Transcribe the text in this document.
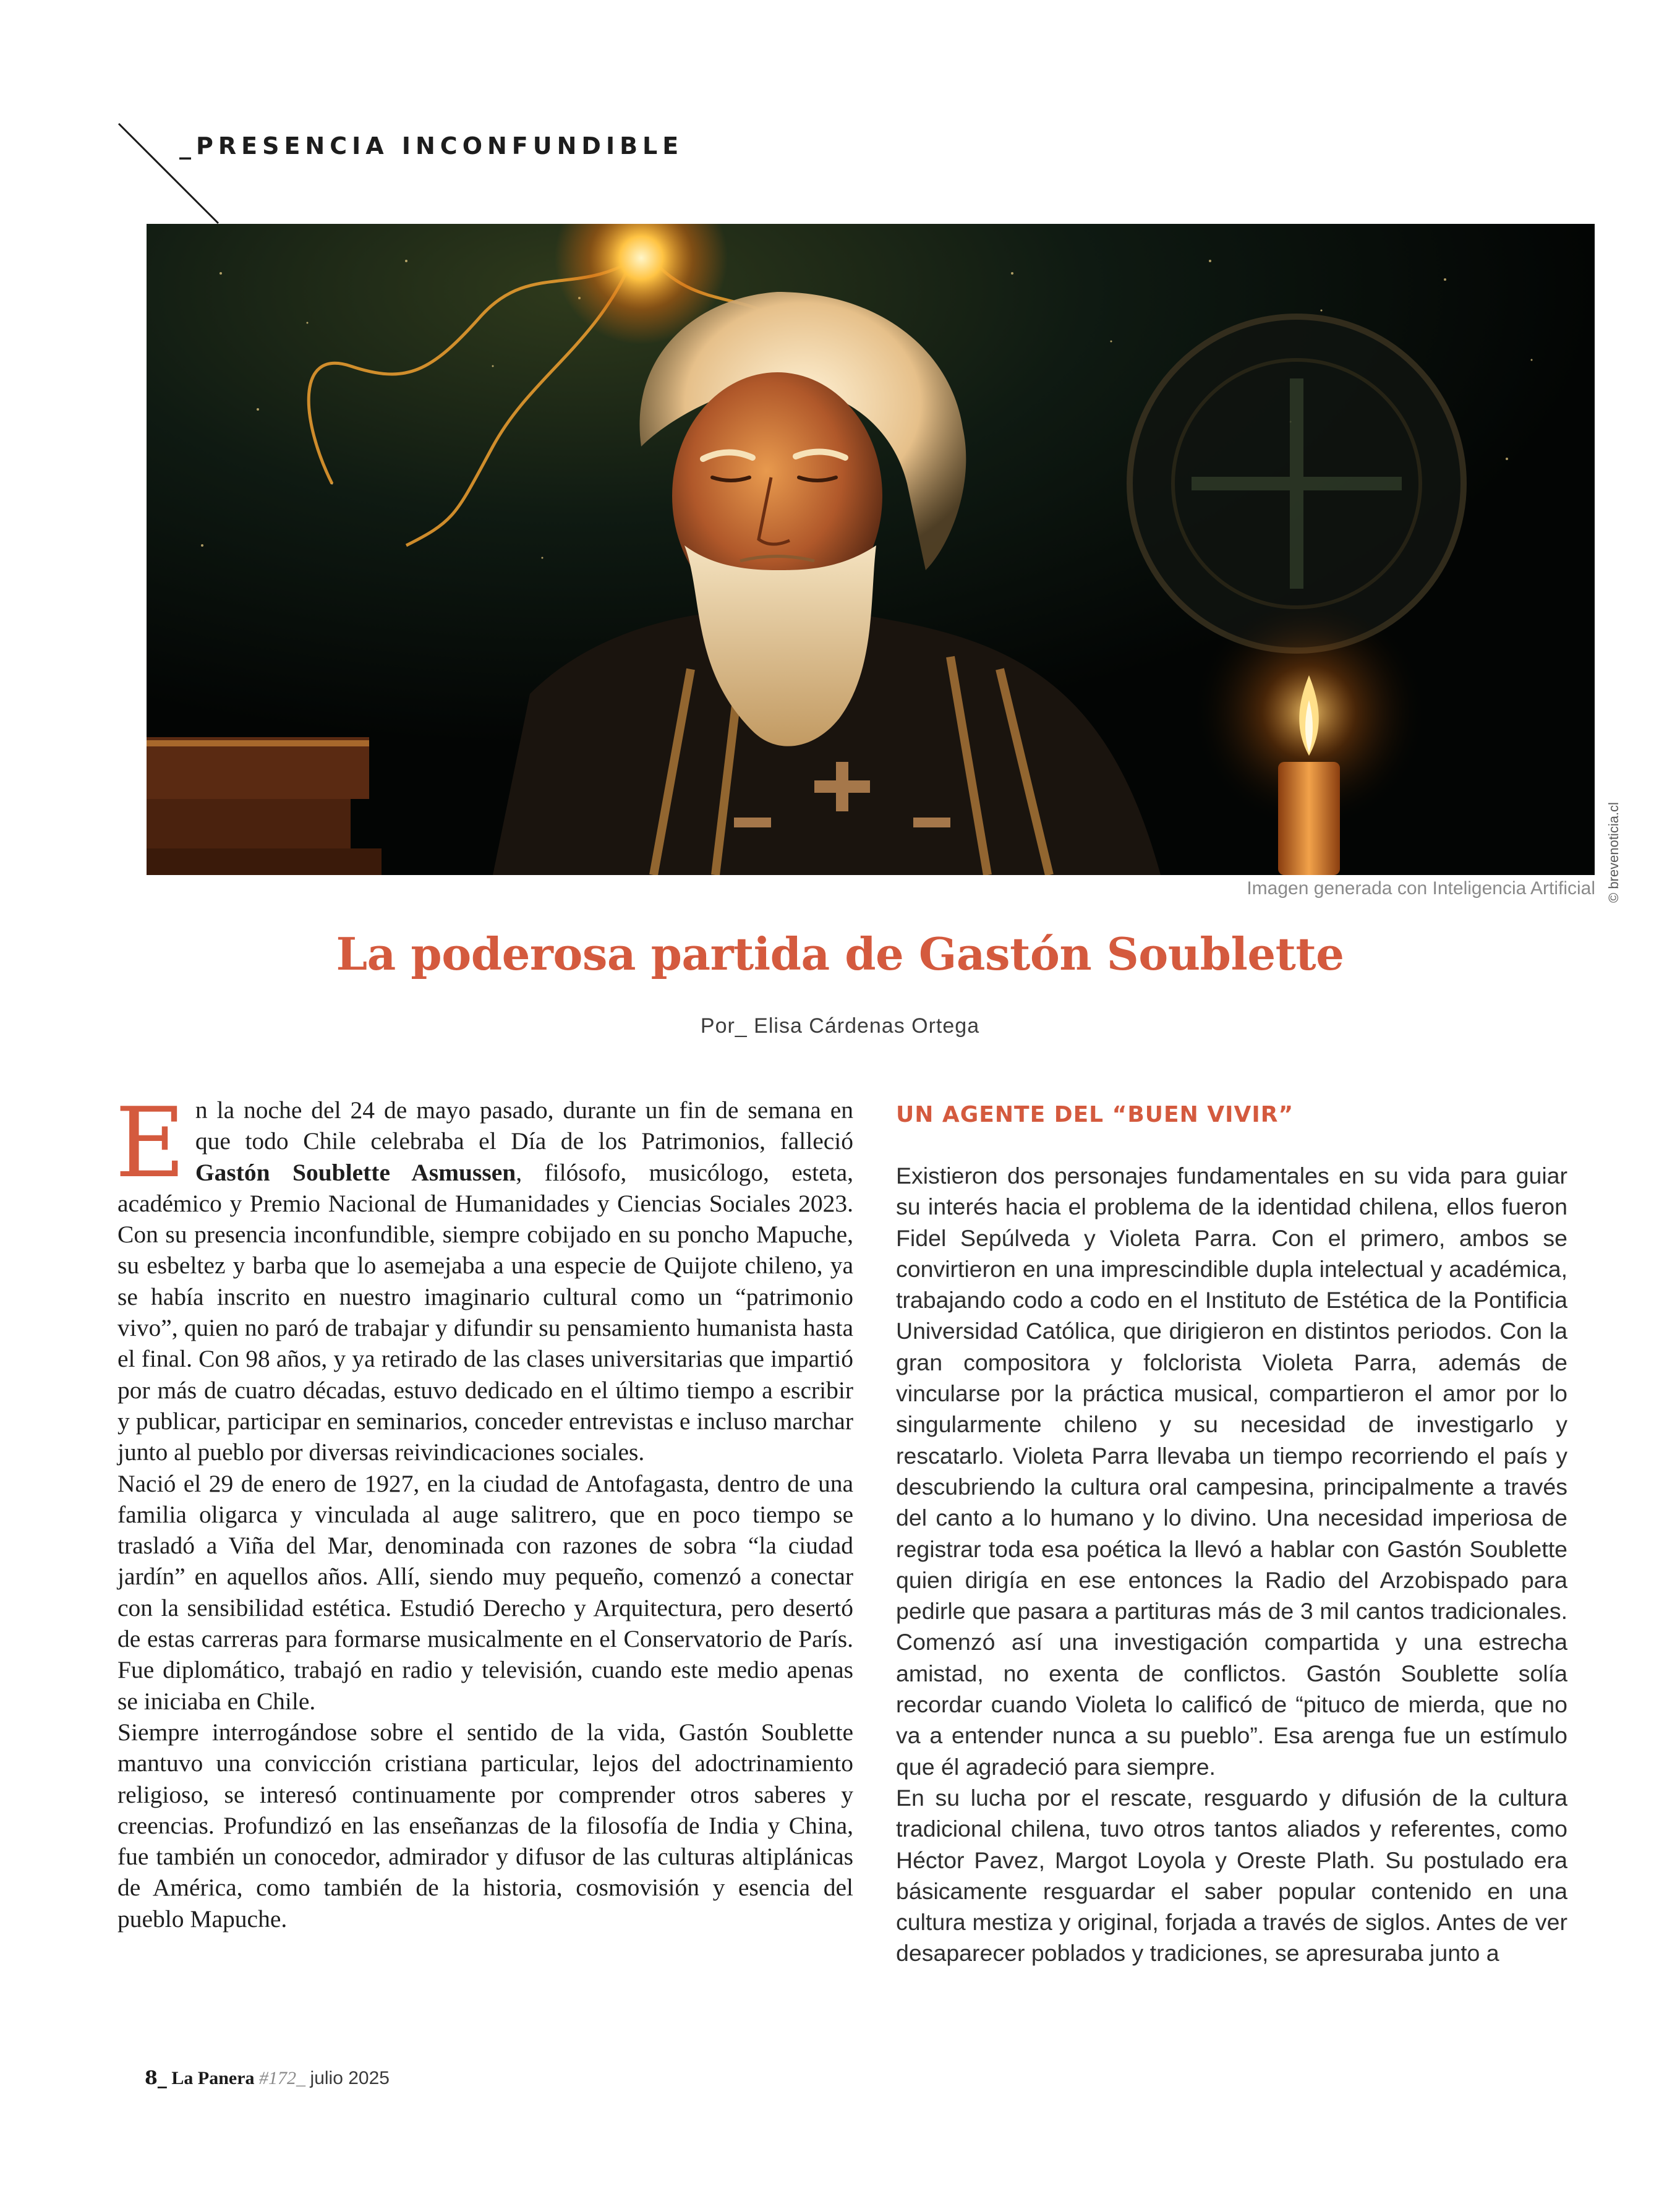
_PRESENCIA INCONFUNDIBLE
© brevenoticia.cl
Imagen generada con Inteligencia Artificial
La poderosa partida de Gastón Soublette
Por_ Elisa Cárdenas Ortega

En la noche del 24 de mayo pasado, durante un fin de semana en que todo Chile celebraba el Día de los Patrimonios, falleció Gastón Soublette Asmussen, filósofo, musicólogo, esteta, académico y Premio Nacional de Humanidades y Ciencias Sociales 2023. Con su presencia inconfundible, siempre cobijado en su poncho Mapuche, su esbeltez y barba que lo asemejaba a una especie de Quijote chileno, ya se había inscrito en nuestro imaginario cultural como un “patrimonio vivo”, quien no paró de trabajar y difundir su pensamiento humanista hasta el final. Con 98 años, y ya retirado de las clases universitarias que impartió por más de cuatro décadas, estuvo dedicado en el último tiempo a escribir y publicar, participar en seminarios, conceder entrevistas e incluso marchar junto al pueblo por diversas reivindicaciones sociales.

Nació el 29 de enero de 1927, en la ciudad de Antofagasta, dentro de una familia oligarca y vinculada al auge salitrero, que en poco tiempo se trasladó a Viña del Mar, denominada con razones de sobra “la ciudad jardín” en aquellos años. Allí, siendo muy pequeño, comenzó a conectar con la sensibilidad estética. Estudió Derecho y Arquitectura, pero desertó de estas carreras para formarse musicalmente en el Conservatorio de París. Fue diplomático, trabajó en radio y televisión, cuando este medio apenas se iniciaba en Chile.

Siempre interrogándose sobre el sentido de la vida, Gastón Soublette mantuvo una convicción cristiana particular, lejos del adoctrinamiento religioso, se interesó continuamente por comprender otros saberes y creencias. Profundizó en las enseñanzas de la filosofía de India y China, fue también un conocedor, admirador y difusor de las culturas altiplánicas de América, como también de la historia, cosmovisión y esencia del pueblo Mapuche.

UN AGENTE DEL “BUEN VIVIR”

Existieron dos personajes fundamentales en su vida para guiar su interés hacia el problema de la identidad chilena, ellos fueron Fidel Sepúlveda y Violeta Parra. Con el primero, ambos se convirtieron en una imprescindible dupla intelectual y académica, trabajando codo a codo en el Instituto de Estética de la Pontificia Universidad Católica, que dirigieron en distintos periodos. Con la gran compositora y folclorista Violeta Parra, además de vincularse por la práctica musical, compartieron el amor por lo singularmente chileno y su necesidad de investigarlo y rescatarlo. Violeta Parra llevaba un tiempo recorriendo el país y descubriendo la cultura oral campesina, principalmente a través del canto a lo humano y lo divino. Una necesidad imperiosa de registrar toda esa poética la llevó a hablar con Gastón Soublette quien dirigía en ese entonces la Radio del Arzobispado para pedirle que pasara a partituras más de 3 mil cantos tradicionales. Comenzó así una investigación compartida y una estrecha amistad, no exenta de conflictos. Gastón Soublette solía recordar cuando Violeta lo calificó de “pituco de mierda, que no va a entender nunca a su pueblo”. Esa arenga fue un estímulo que él agradeció para siempre.

En su lucha por el rescate, resguardo y difusión de la cultura tradicional chilena, tuvo otros tantos aliados y referentes, como Héctor Pavez, Margot Loyola y Oreste Plath. Su postulado era básicamente resguardar el saber popular contenido en una cultura mestiza y original, forjada a través de siglos. Antes de ver desaparecer poblados y tradiciones, se apresuraba junto a

8_ La Panera #172_ julio 2025
